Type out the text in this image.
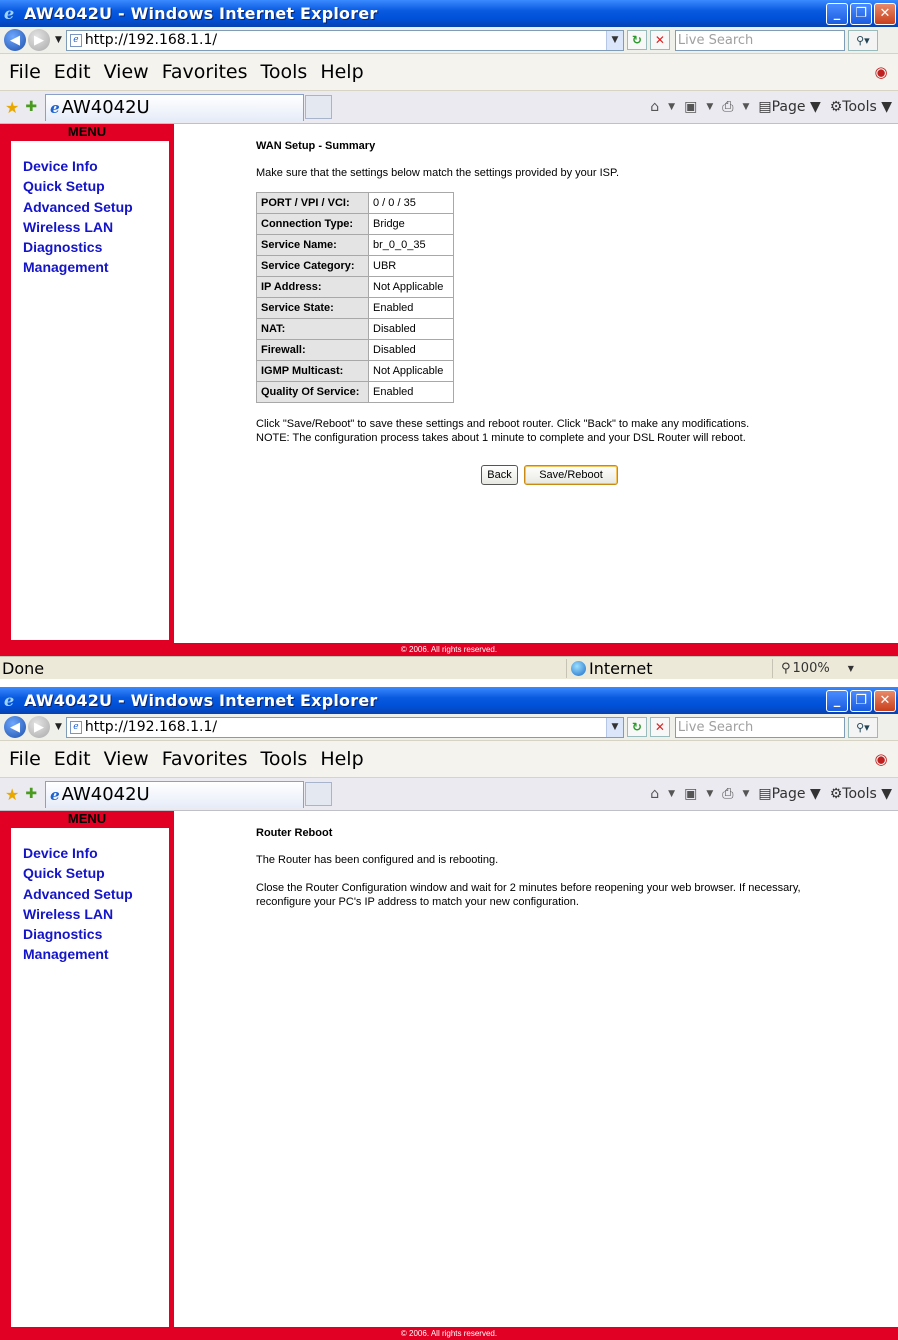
e AW4042U - Windows Internet Explorer	_	❐ ✕
◀	▶	▼	e http://192.168.1.1/	▼	↻	✕ Live Search	⚲▾
File Edit View Favorites Tools Help	◉
★ ✚ e AW4042U	⌂ ▼ ▣ ▼ ⎙ ▼ ▤Page ▼ ⚙Tools ▼
MENU
Device Info
Quick Setup
Advanced Setup
Wireless LAN
Diagnostics
Management
WAN Setup - Summary
Make sure that the settings below match the settings provided by your ISP.
PORT / VPI / VCI:	0 / 0 / 35
Connection Type:	Bridge
Service Name:	br_0_0_35
Service Category:	UBR
IP Address:	Not Applicable
Service State:	Enabled
NAT:	Disabled
Firewall:	Disabled
IGMP Multicast:	Not Applicable
Quality Of Service:	Enabled
Click "Save/Reboot" to save these settings and reboot router. Click "Back" to make any modifications.
NOTE: The configuration process takes about 1 minute to complete and your DSL Router will reboot.
Back	Save/Reboot
© 2006. All rights reserved.
Done	Internet	⚲ 100% ▼
e AW4042U - Windows Internet Explorer	_	❐ ✕
◀	▶	▼	e http://192.168.1.1/	▼	↻	✕ Live Search	⚲▾
File Edit View Favorites Tools Help	◉
★ ✚ e AW4042U	⌂ ▼ ▣ ▼ ⎙ ▼ ▤Page ▼ ⚙Tools ▼
MENU
Device Info
Quick Setup
Advanced Setup
Wireless LAN
Diagnostics
Management
Router Reboot
The Router has been configured and is rebooting.
Close the Router Configuration window and wait for 2 minutes before reopening your web browser. If necessary,
reconfigure your PC's IP address to match your new configuration.
© 2006. All rights reserved.
